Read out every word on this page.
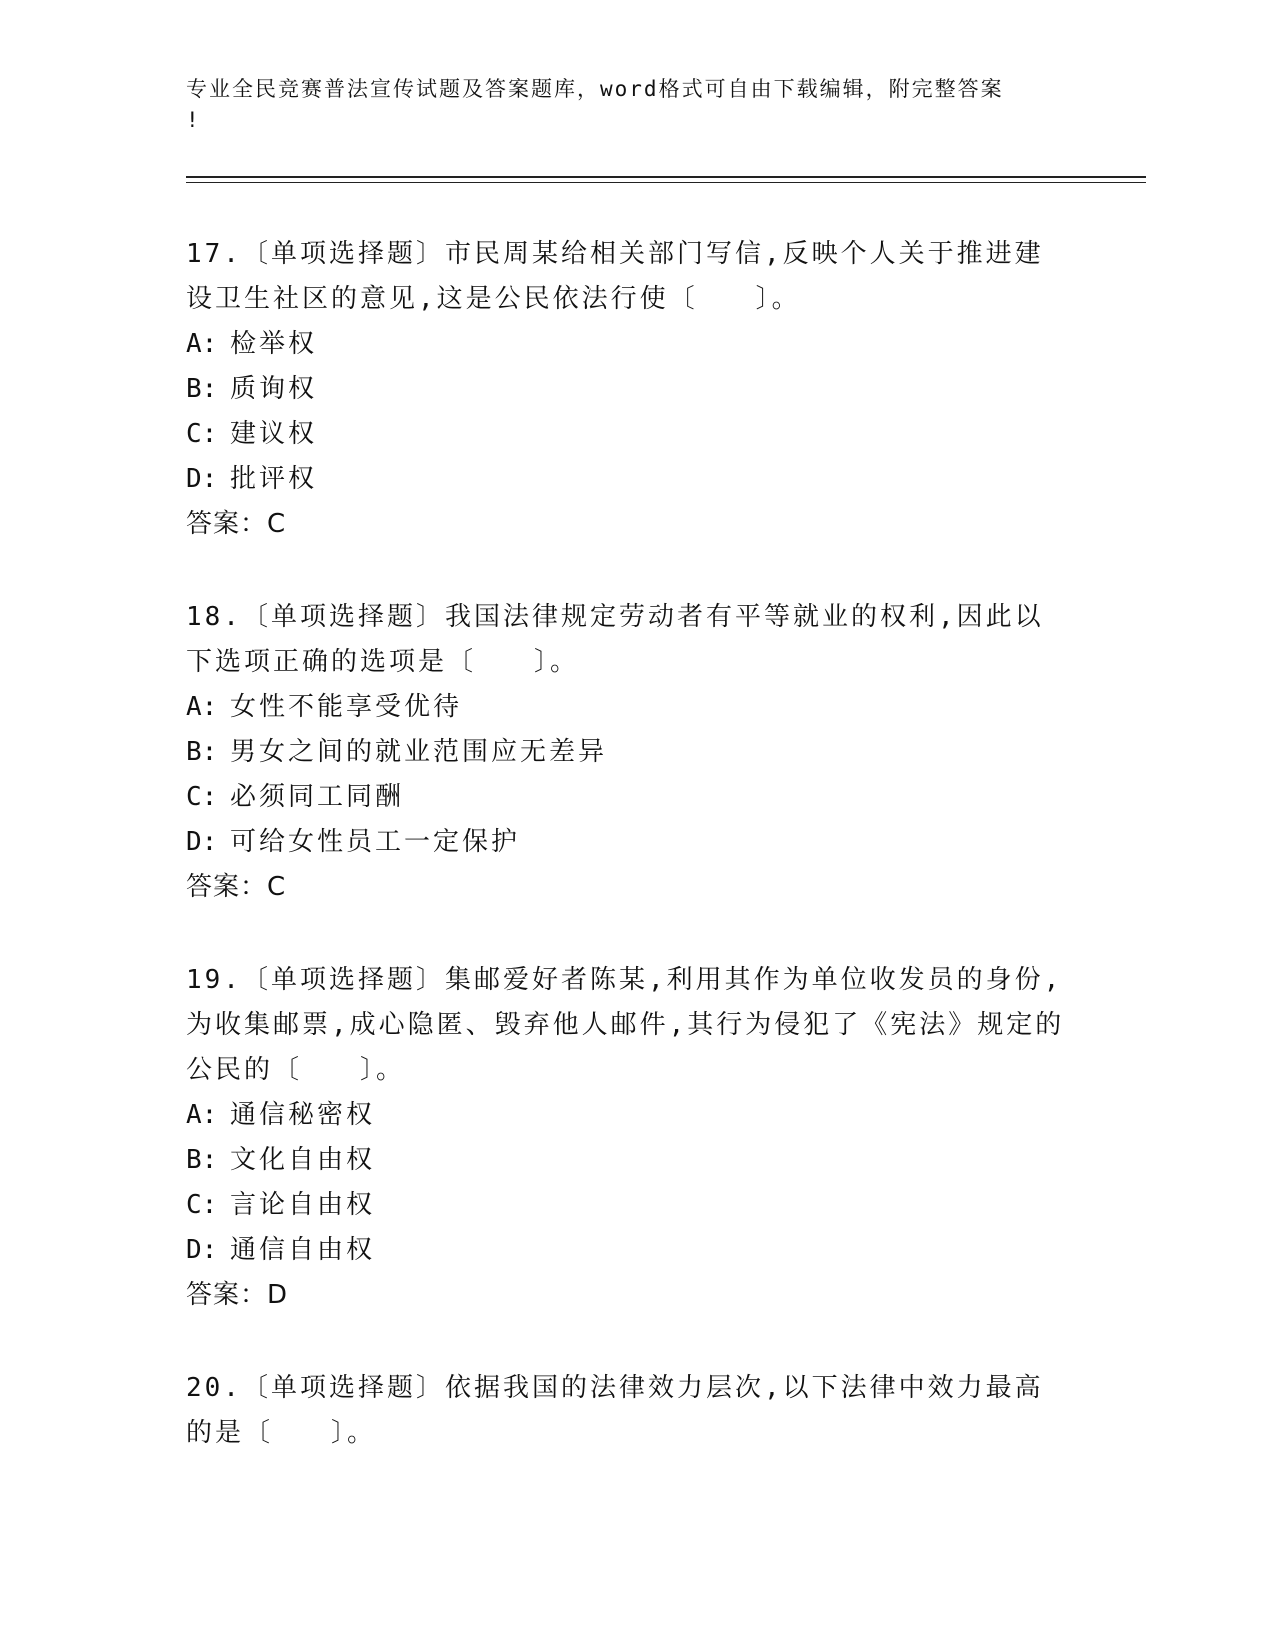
专业全民竞赛普法宣传试题及答案题库，word格式可自由下载编辑，附完整答案
!
17.〔单项选择题〕市民周某给相关部门写信,反映个人关于推进建设卫生社区的意见,这是公民依法行使〔　　〕。
A: 检举权
B: 质询权
C: 建议权
D: 批评权
答案：C
18.〔单项选择题〕我国法律规定劳动者有平等就业的权利,因此以下选项正确的选项是〔　　〕。
A: 女性不能享受优待
B: 男女之间的就业范围应无差异
C: 必须同工同酬
D: 可给女性员工一定保护
答案：C
19.〔单项选择题〕集邮爱好者陈某,利用其作为单位收发员的身份,为收集邮票,成心隐匿、毁弃他人邮件,其行为侵犯了《宪法》规定的公民的〔　　〕。
A: 通信秘密权
B: 文化自由权
C: 言论自由权
D: 通信自由权
答案：D
20.〔单项选择题〕依据我国的法律效力层次,以下法律中效力最高的是〔　　〕。
